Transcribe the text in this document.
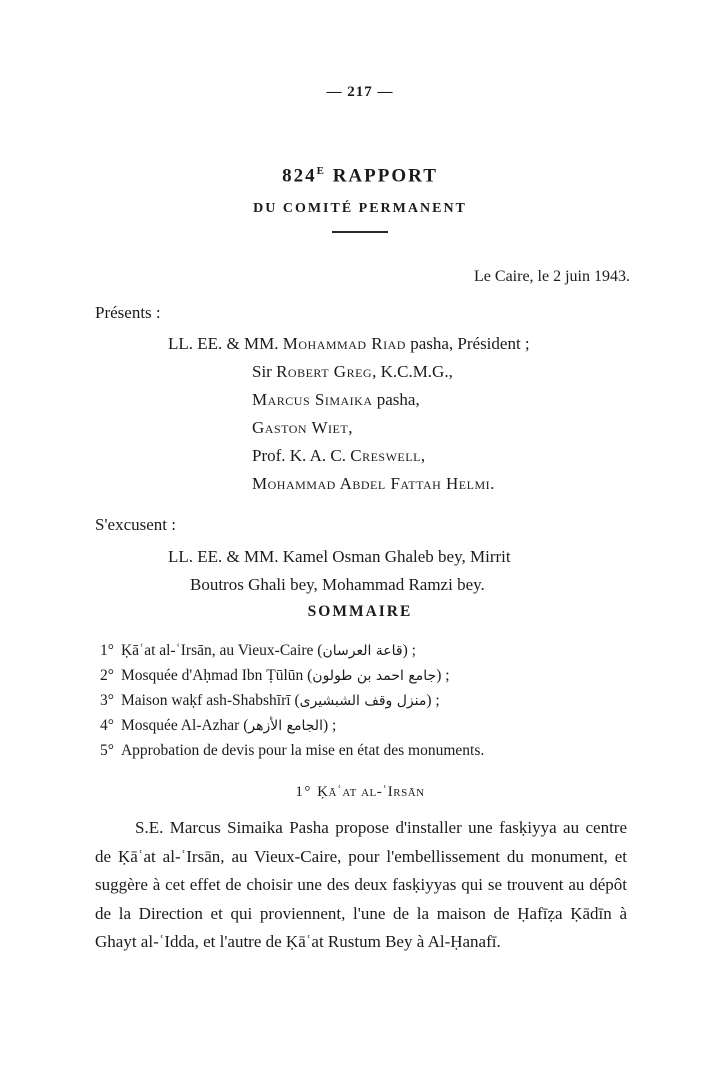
— 217 —
$824^E$ RAPPORT
DU COMITÉ PERMANENT
Le Caire, le 2 juin 1943.
Présents :
LL. EE. & MM. Mohammad Riad pasha, Président ;
Sir Robert Greg, K.C.M.G.,
Marcus Simaika pasha,
Gaston Wiet,
Prof. K. A. C. Creswell,
Mohammad Abdel Fattah Helmi.
S'excusent :
LL. EE. & MM. Kamel Osman Ghaleb bey, Mirrit
Boutros Ghali bey, Mohammad Ramzi bey.
SOMMAIRE
1° Ḳāʿat al-ʿIrsān, au Vieux-Caire (قاعة العرسان) ;
2° Mosquée d'Aḥmad Ibn Ṭūlūn (جامع احمد بن طولون) ;
3° Maison waḳf ash-Shabshīrī (منزل وقف الشبشيرى) ;
4° Mosquée Al-Azhar (الجامع الأزهر) ;
5° Approbation de devis pour la mise en état des monuments.
1° Ḳāʿat al-ʿIrsān
S.E. Marcus Simaika Pasha propose d'installer une fasḳiyya au centre de Ḳāʿat al-ʿIrsān, au Vieux-Caire, pour l'embellissement du monument, et suggère à cet effet de choisir une des deux fasḳiyyas qui se trouvent au dépôt de la Direction et qui proviennent, l'une de la maison de Ḥafīẓa Ḳādīn à Ghayt al-ʿIdda, et l'autre de Ḳāʿat Rustum Bey à Al-Ḥanafī.
